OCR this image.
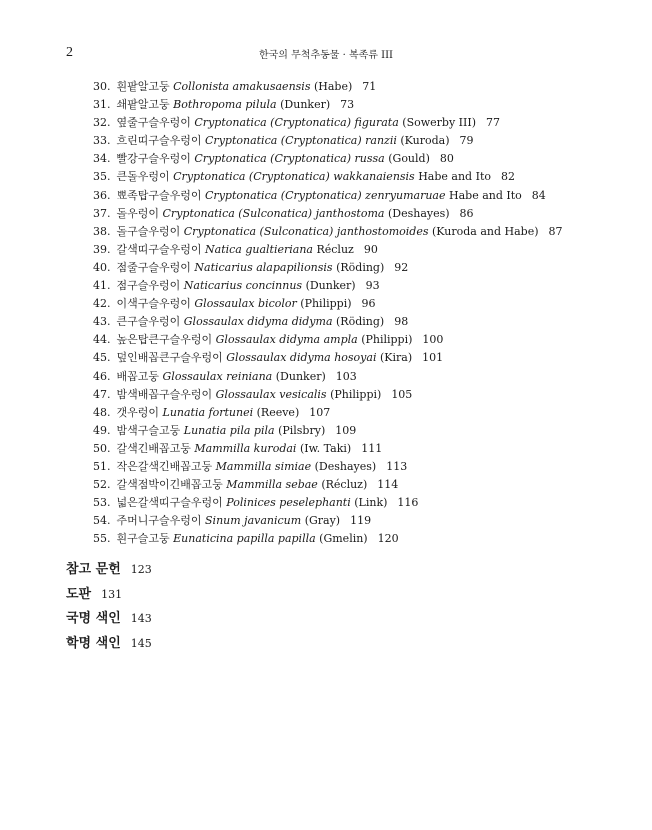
2	한국의 무척추동물 · 복족류 III
30. 흰팥알고둥 Collonista amakusaensis (Habe) 71
31. 쇄팥알고둥 Bothropoma pilula (Dunker) 73
32. 옆줄구슬우렁이 Cryptonatica (Cryptonatica) figurata (Sowerby III) 77
33. 흐린띠구슬우렁이 Cryptonatica (Cryptonatica) ranzii (Kuroda) 79
34. 빨강구슬우렁이 Cryptonatica (Cryptonatica) russa (Gould) 80
35. 큰돌우렁이 Cryptonatica (Cryptonatica) wakkanaiensis Habe and Ito 82
36. 뾰족탑구슬우렁이 Cryptonatica (Cryptonatica) zenryumaruae Habe and Ito 84
37. 돌우렁이 Cryptonatica (Sulconatica) janthostoma (Deshayes) 86
38. 돌구슬우렁이 Cryptonatica (Sulconatica) janthostomoides (Kuroda and Habe) 87
39. 갈색띠구슬우렁이 Natica gualtieriana Récluz 90
40. 점줄구슬우렁이 Naticarius alapapilionsis (Röding) 92
41. 점구슬우렁이 Naticarius concinnus (Dunker) 93
42. 이색구슬우렁이 Glossaulax bicolor (Philippi) 96
43. 큰구슬우렁이 Glossaulax didyma didyma (Röding) 98
44. 높은탑큰구슬우렁이 Glossaulax didyma ampla (Philippi) 100
45. 덮인배꼽큰구슬우렁이 Glossaulax didyma hosoyai (Kira) 101
46. 배꼽고둥 Glossaulax reiniana (Dunker) 103
47. 밤색배꼽구슬우렁이 Glossaulax vesicalis (Philippi) 105
48. 갯우렁이 Lunatia fortunei (Reeve) 107
49. 밤색구슬고둥 Lunatia pila pila (Pilsbry) 109
50. 갈색긴배꼽고둥 Mammilla kurodai (Iw. Taki) 111
51. 작은갈색긴배꼽고둥 Mammilla simiae (Deshayes) 113
52. 갈색점박이긴배꼽고둥 Mammilla sebae (Récluz) 114
53. 넓은갈색띠구슬우렁이 Polinices peselephanti (Link) 116
54. 주머니구슬우렁이 Sinum javanicum (Gray) 119
55. 흰구슬고둥 Eunaticina papilla papilla (Gmelin) 120
참고 문헌 123
도판 131
국명 색인 143
학명 색인 145
